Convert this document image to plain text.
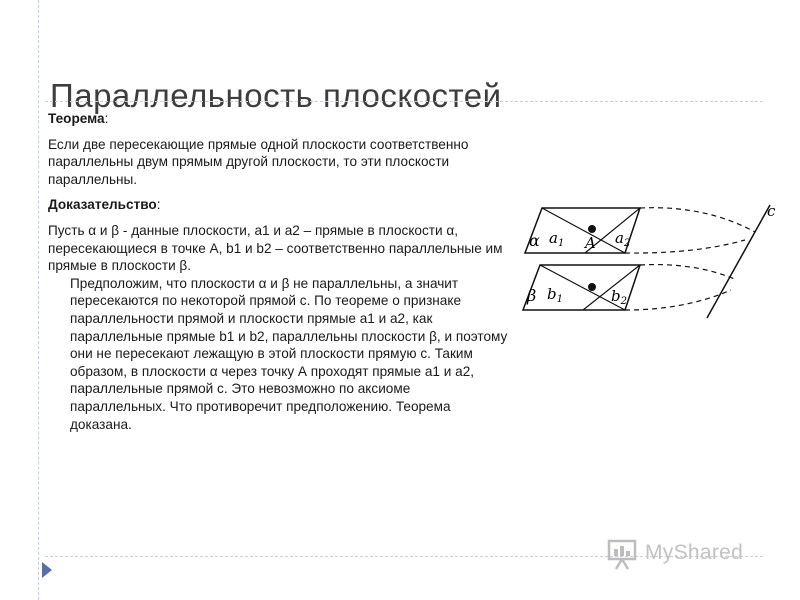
Параллельность плоскостей

Теорема:

Если две пересекающие прямые одной плоскости соответственно параллельны двум прямым другой плоскости, то эти плоскости параллельны.

Доказательство:

Пусть α и β - данные плоскости, а1 и а2 – прямые в плоскости α, пересекающиеся в точке А, b1 и b2 – соответственно параллельные им прямые в плоскости β.

Предположим, что плоскости α и β не параллельны, а значит пересекаются по некоторой прямой с. По теореме о признаке параллельности прямой и плоскости прямые а1 и а2, как параллельные прямые b1 и b2, параллельны плоскости β, и поэтому они не пересекают лежащую в этой плоскости прямую с. Таким образом, в плоскости α через точку А проходят прямые а1 и а2, параллельные прямой с. Это невозможно по аксиоме параллельных. Что противоречит предположению. Теорема доказана.

α $a_1$ A $a_2$
β $b_1$	$b_2$
c
MyShared
